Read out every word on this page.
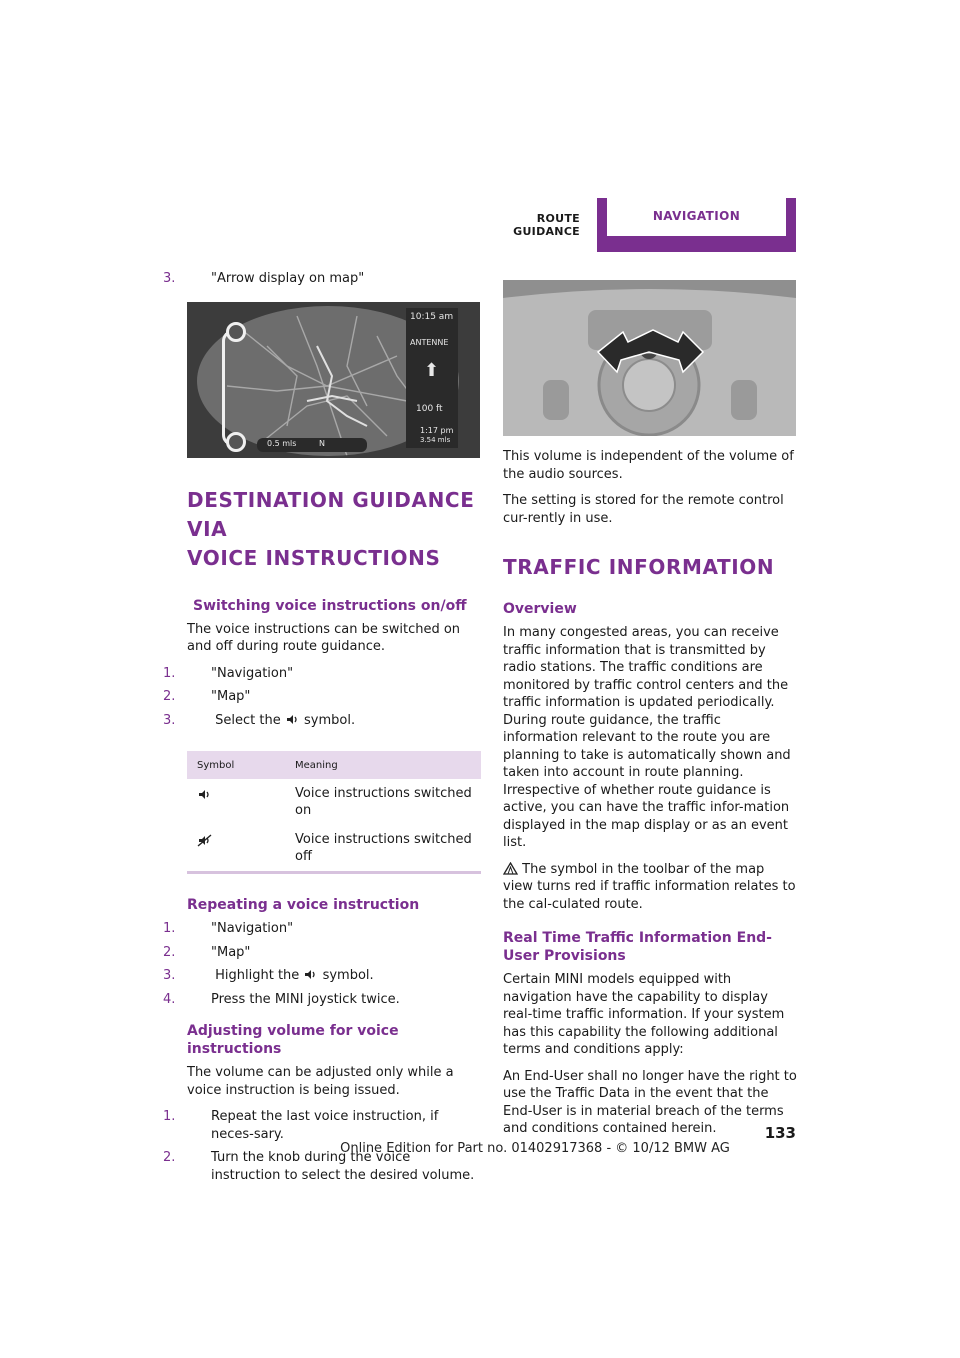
ROUTE GUIDANCE
NAVIGATION
3.	"Arrow display on map"
10:15 am
ANTENNE
⬆
100 ft
1:17 pm
3.54 mls
0.5 mls	N
DESTINATION GUIDANCE VIA
VOICE INSTRUCTIONS
Switching voice instructions on/off

The voice instructions can be switched on and off during route guidance.

1.	"Navigation"
2.	"Map"
3.	Select the symbol.
Symbol	Meaning
Voice instructions switched on
Voice instructions switched off
Repeating a voice instruction
1.	"Navigation"
2.	"Map"
3.	Highlight the symbol.
4.	Press the MINI joystick twice.
Adjusting volume for voice instructions

The volume can be adjusted only while a voice instruction is being issued.

1.	Repeat the last voice instruction, if neces-sary.
2.	Turn the knob during the voice instruction to select the desired volume.

This volume is independent of the volume of the audio sources.

The setting is stored for the remote control cur-rently in use.

TRAFFIC INFORMATION
Overview

In many congested areas, you can receive traffic information that is transmitted by radio stations. The traffic conditions are monitored by traffic control centers and the traffic information is updated periodically.

During route guidance, the traffic information relevant to the route you are planning to take is automatically shown and taken into account in route planning. Irrespective of whether route guidance is active, you can have the traffic infor-mation displayed in the map display or as an event list.

The symbol in the toolbar of the map view turns red if traffic information relates to the cal-culated route.

Real Time Traffic Information End-User Provisions

Certain MINI models equipped with navigation have the capability to display real-time traffic information. If your system has this capability the following additional terms and conditions apply:

An End-User shall no longer have the right to use the Traffic Data in the event that the End-User is in material breach of the terms and conditions contained herein.	133
Online Edition for Part no. 01402917368 - © 10/12 BMW AG
